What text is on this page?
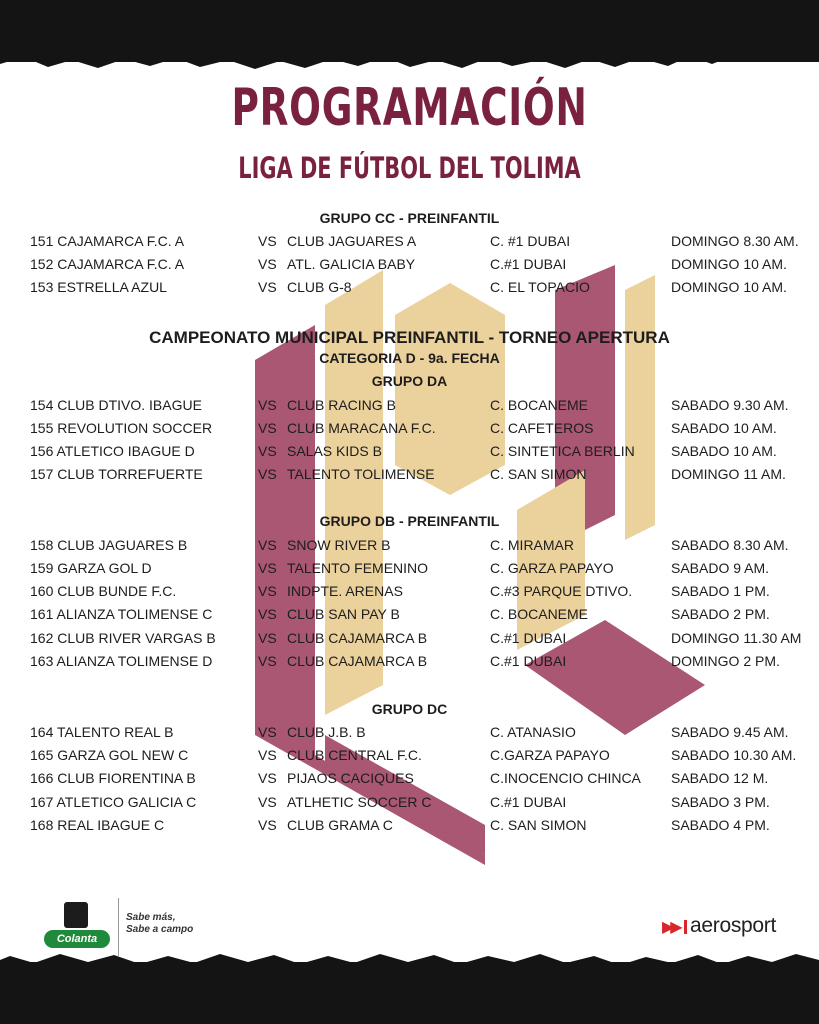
PROGRAMACIÓN
LIGA DE FÚTBOL DEL TOLIMA
GRUPO CC - PREINFANTIL
151 CAJAMARCA F.C. A	VS CLUB JAGUARES A	C. #1 DUBAI	DOMINGO 8.30 AM.
152 CAJAMARCA F.C. A	VS ATL. GALICIA BABY	C.#1 DUBAI	DOMINGO 10 AM.
153 ESTRELLA AZUL	VS CLUB G-8	C. EL TOPACIO	DOMINGO 10 AM.
CAMPEONATO MUNICIPAL PREINFANTIL - TORNEO APERTURA
CATEGORIA D - 9a. FECHA
GRUPO DA
154 CLUB DTIVO. IBAGUE	VS CLUB RACING B	C. BOCANEME	SABADO 9.30 AM.
155 REVOLUTION SOCCER	VS CLUB MARACANA F.C.	C. CAFETEROS	SABADO 10 AM.
156 ATLETICO IBAGUE D	VS SALAS KIDS B	C. SINTETICA BERLIN	SABADO 10 AM.
157 CLUB TORREFUERTE	VS TALENTO TOLIMENSE	C. SAN SIMON	DOMINGO 11 AM.
GRUPO DB - PREINFANTIL
158 CLUB JAGUARES B	VS SNOW RIVER B	C. MIRAMAR	SABADO 8.30 AM.
159 GARZA GOL D	VS TALENTO FEMENINO	C. GARZA PAPAYO	SABADO 9 AM.
160 CLUB BUNDE F.C.	VS INDPTE. ARENAS	C.#3 PARQUE DTIVO.	SABADO 1 PM.
161 ALIANZA TOLIMENSE C	VS CLUB SAN PAY B	C. BOCANEME	SABADO 2 PM.
162 CLUB RIVER VARGAS B	VS CLUB CAJAMARCA B	C.#1 DUBAI	DOMINGO 11.30 AM
163 ALIANZA TOLIMENSE D	VS CLUB CAJAMARCA B	C.#1 DUBAI	DOMINGO 2 PM.
GRUPO DC
164 TALENTO REAL B	VS CLUB J.B. B	C. ATANASIO	SABADO 9.45 AM.
165 GARZA GOL NEW C	VS CLUB CENTRAL F.C.	C.GARZA PAPAYO	SABADO 10.30 AM.
166 CLUB FIORENTINA B	VS PIJAOS CACIQUES	C.INOCENCIO CHINCA SABADO 12 M.
167 ATLETICO GALICIA C	VS ATLHETIC SOCCER C	C.#1 DUBAI	SABADO 3 PM.
168 REAL IBAGUE C	VS CLUB GRAMA C	C. SAN SIMON	SABADO 4 PM.
Colanta
Sabe más,
Sabe a campo	▶▶ aerosport
